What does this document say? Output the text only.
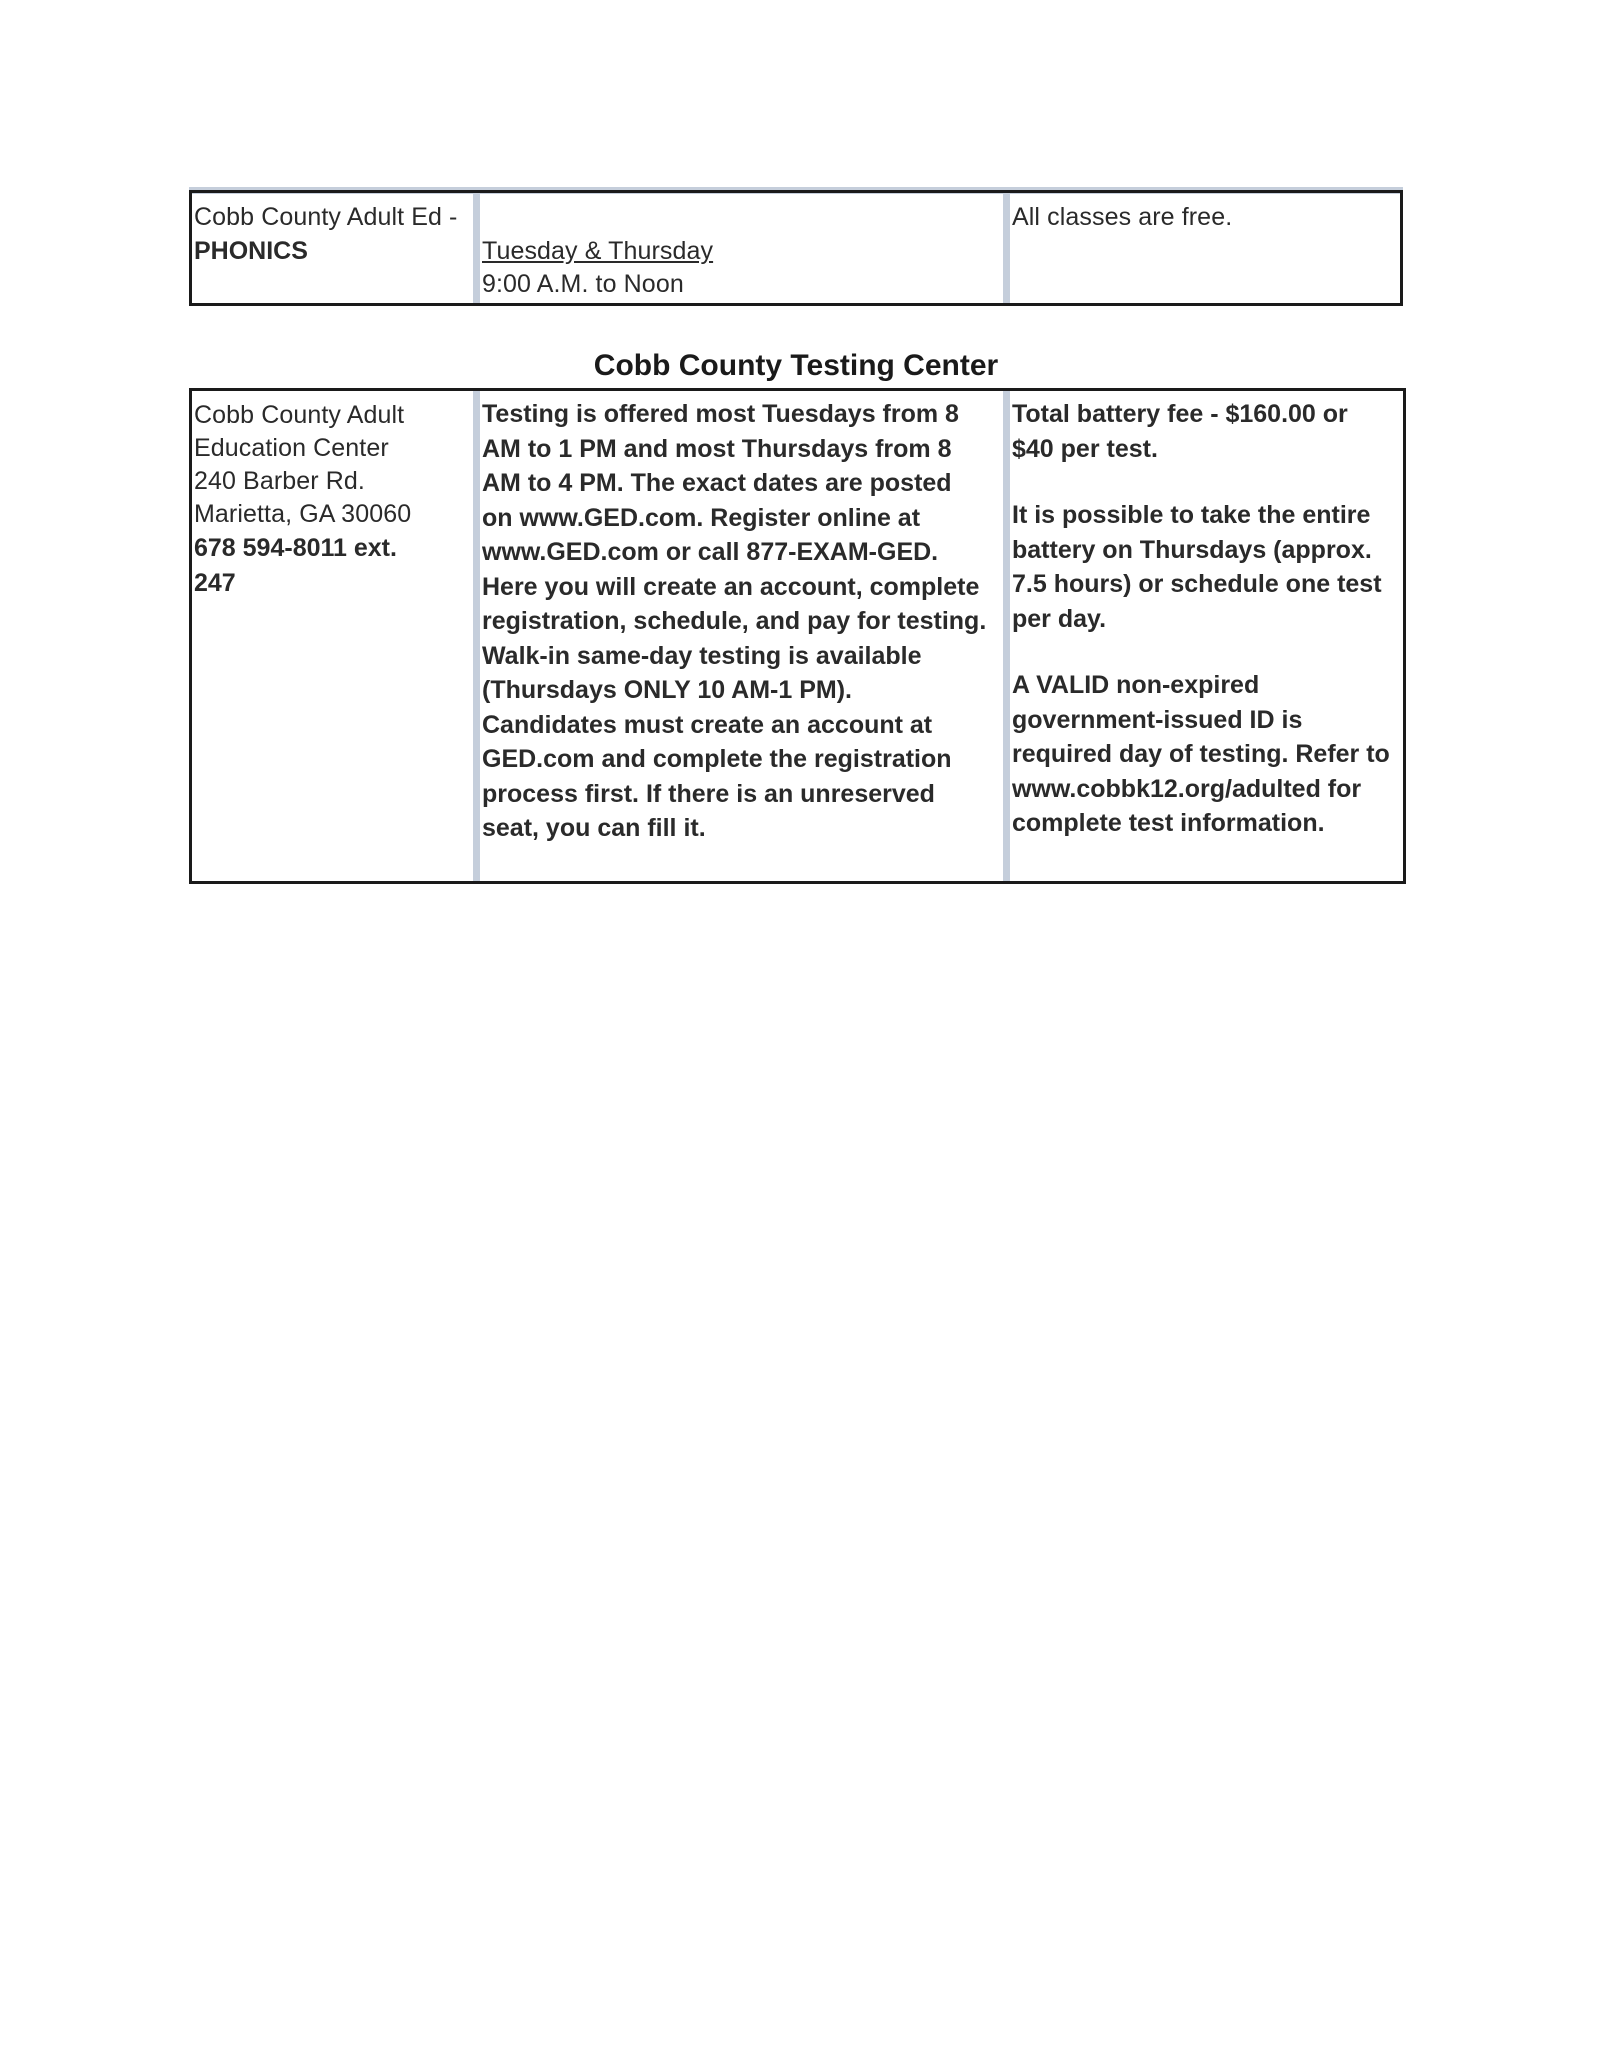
Cobb County Adult Ed -
PHONICS	Tuesday & Thursday
9:00 A.M. to Noon
All classes are free.
Cobb County Testing Center
Cobb County Adult
Education Center
240 Barber Rd.
Marietta, GA 30060
678 594-8011 ext.
247
Testing is offered most Tuesdays from 8
AM to 1 PM and most Thursdays from 8
AM to 4 PM. The exact dates are posted
on www.GED.com. Register online at
www.GED.com or call 877-EXAM-GED.
Here you will create an account, complete
registration, schedule, and pay for testing.
Walk-in same-day testing is available
(Thursdays ONLY 10 AM-1 PM).
Candidates must create an account at
GED.com and complete the registration
process first. If there is an unreserved
seat, you can fill it.
Total battery fee - $160.00 or
$40 per test.
It is possible to take the entire
battery on Thursdays (approx.
7.5 hours) or schedule one test
per day.
A VALID non-expired
government-issued ID is
required day of testing. Refer to
www.cobbk12.org/adulted for
complete test information.
